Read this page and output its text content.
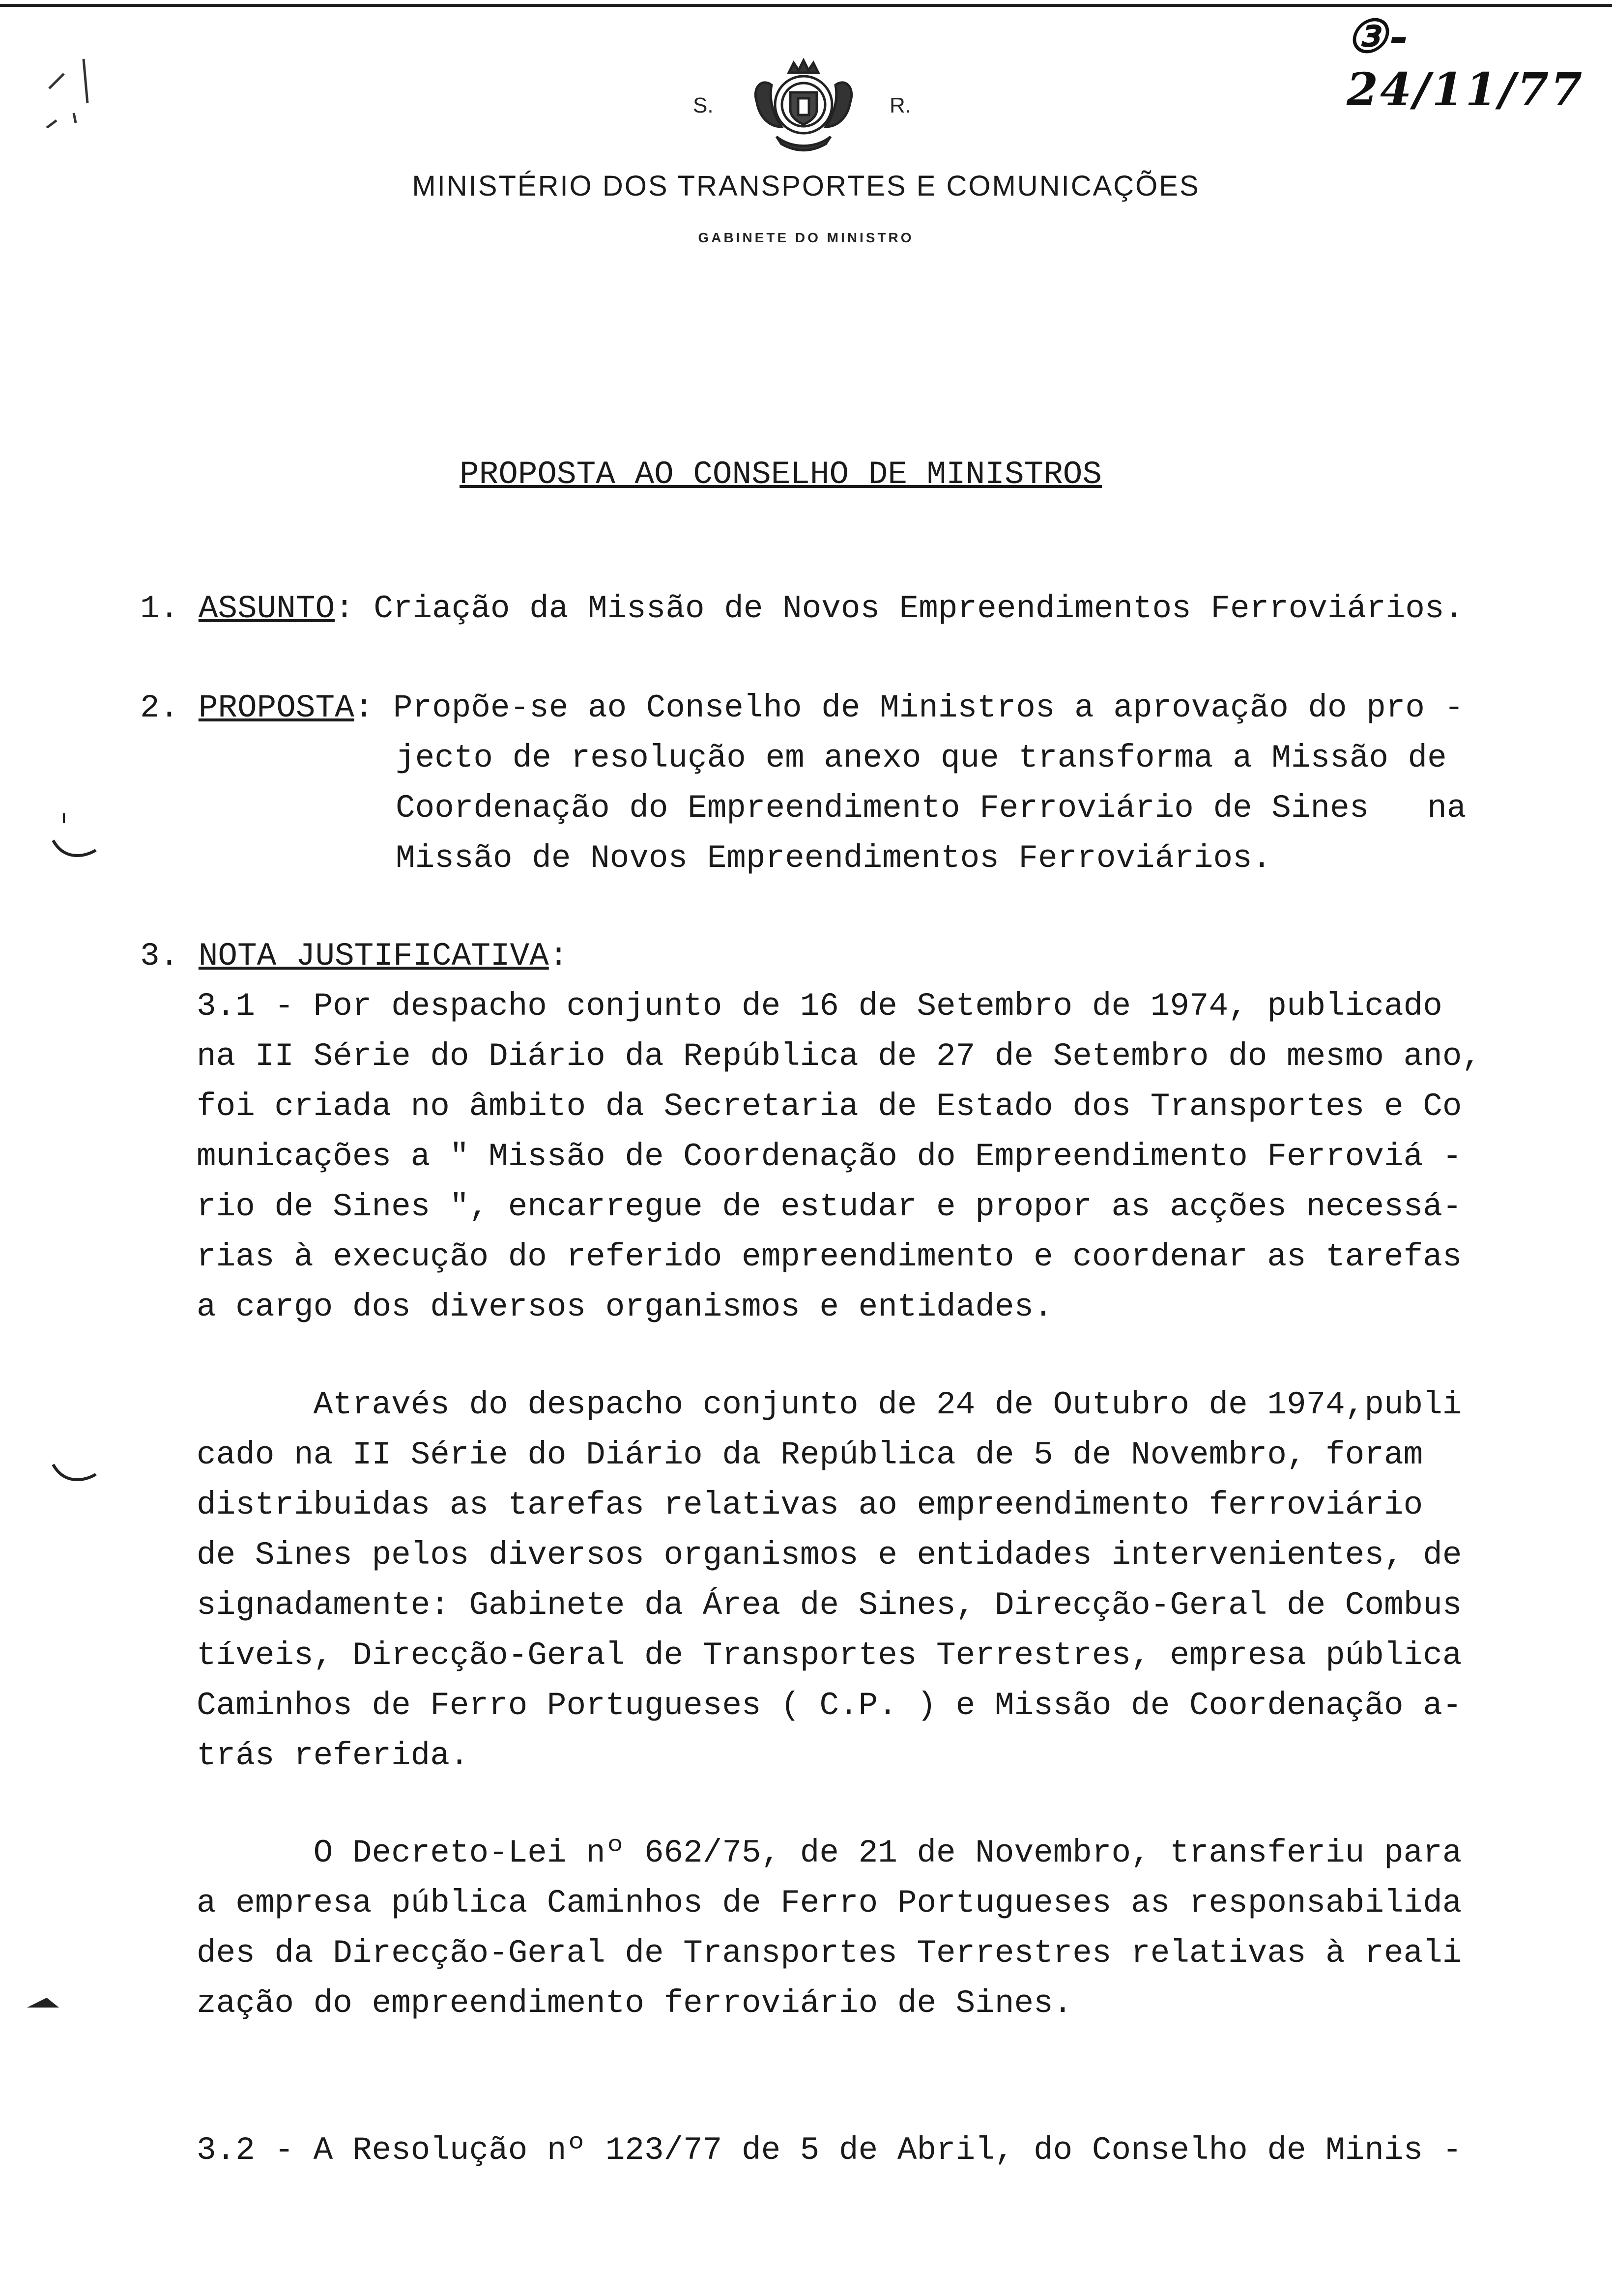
③- 24/11/77
S.	R.
MINISTÉRIO DOS TRANSPORTES E COMUNICAÇÕES
GABINETE DO MINISTRO
PROPOSTA AO CONSELHO DE MINISTROS
1. ASSUNTO: Criação da Missão de Novos Empreendimentos Ferroviários.
2. PROPOSTA: Propõe-se ao Conselho de Ministros a aprovação do pro -
jecto de resolução em anexo que transforma a Missão de
Coordenação do Empreendimento Ferroviário de Sines   na
Missão de Novos Empreendimentos Ferroviários.
3. NOTA JUSTIFICATIVA:
3.1 - Por despacho conjunto de 16 de Setembro de 1974, publicado
na II Série do Diário da República de 27 de Setembro do mesmo ano,
foi criada no âmbito da Secretaria de Estado dos Transportes e Co
municações a " Missão de Coordenação do Empreendimento Ferroviá -
rio de Sines ", encarregue de estudar e propor as acções necessá-
rias à execução do referido empreendimento e coordenar as tarefas
a cargo dos diversos organismos e entidades.
Através do despacho conjunto de 24 de Outubro de 1974,publi
cado na II Série do Diário da República de 5 de Novembro, foram
distribuidas as tarefas relativas ao empreendimento ferroviário
de Sines pelos diversos organismos e entidades intervenientes, de
signadamente: Gabinete da Área de Sines, Direcção-Geral de Combus
tíveis, Direcção-Geral de Transportes Terrestres, empresa pública
Caminhos de Ferro Portugueses ( C.P. ) e Missão de Coordenação a-
trás referida.
O Decreto-Lei nº 662/75, de 21 de Novembro, transferiu para
a empresa pública Caminhos de Ferro Portugueses as responsabilida
des da Direcção-Geral de Transportes Terrestres relativas à reali
zação do empreendimento ferroviário de Sines.
3.2 - A Resolução nº 123/77 de 5 de Abril, do Conselho de Minis -
